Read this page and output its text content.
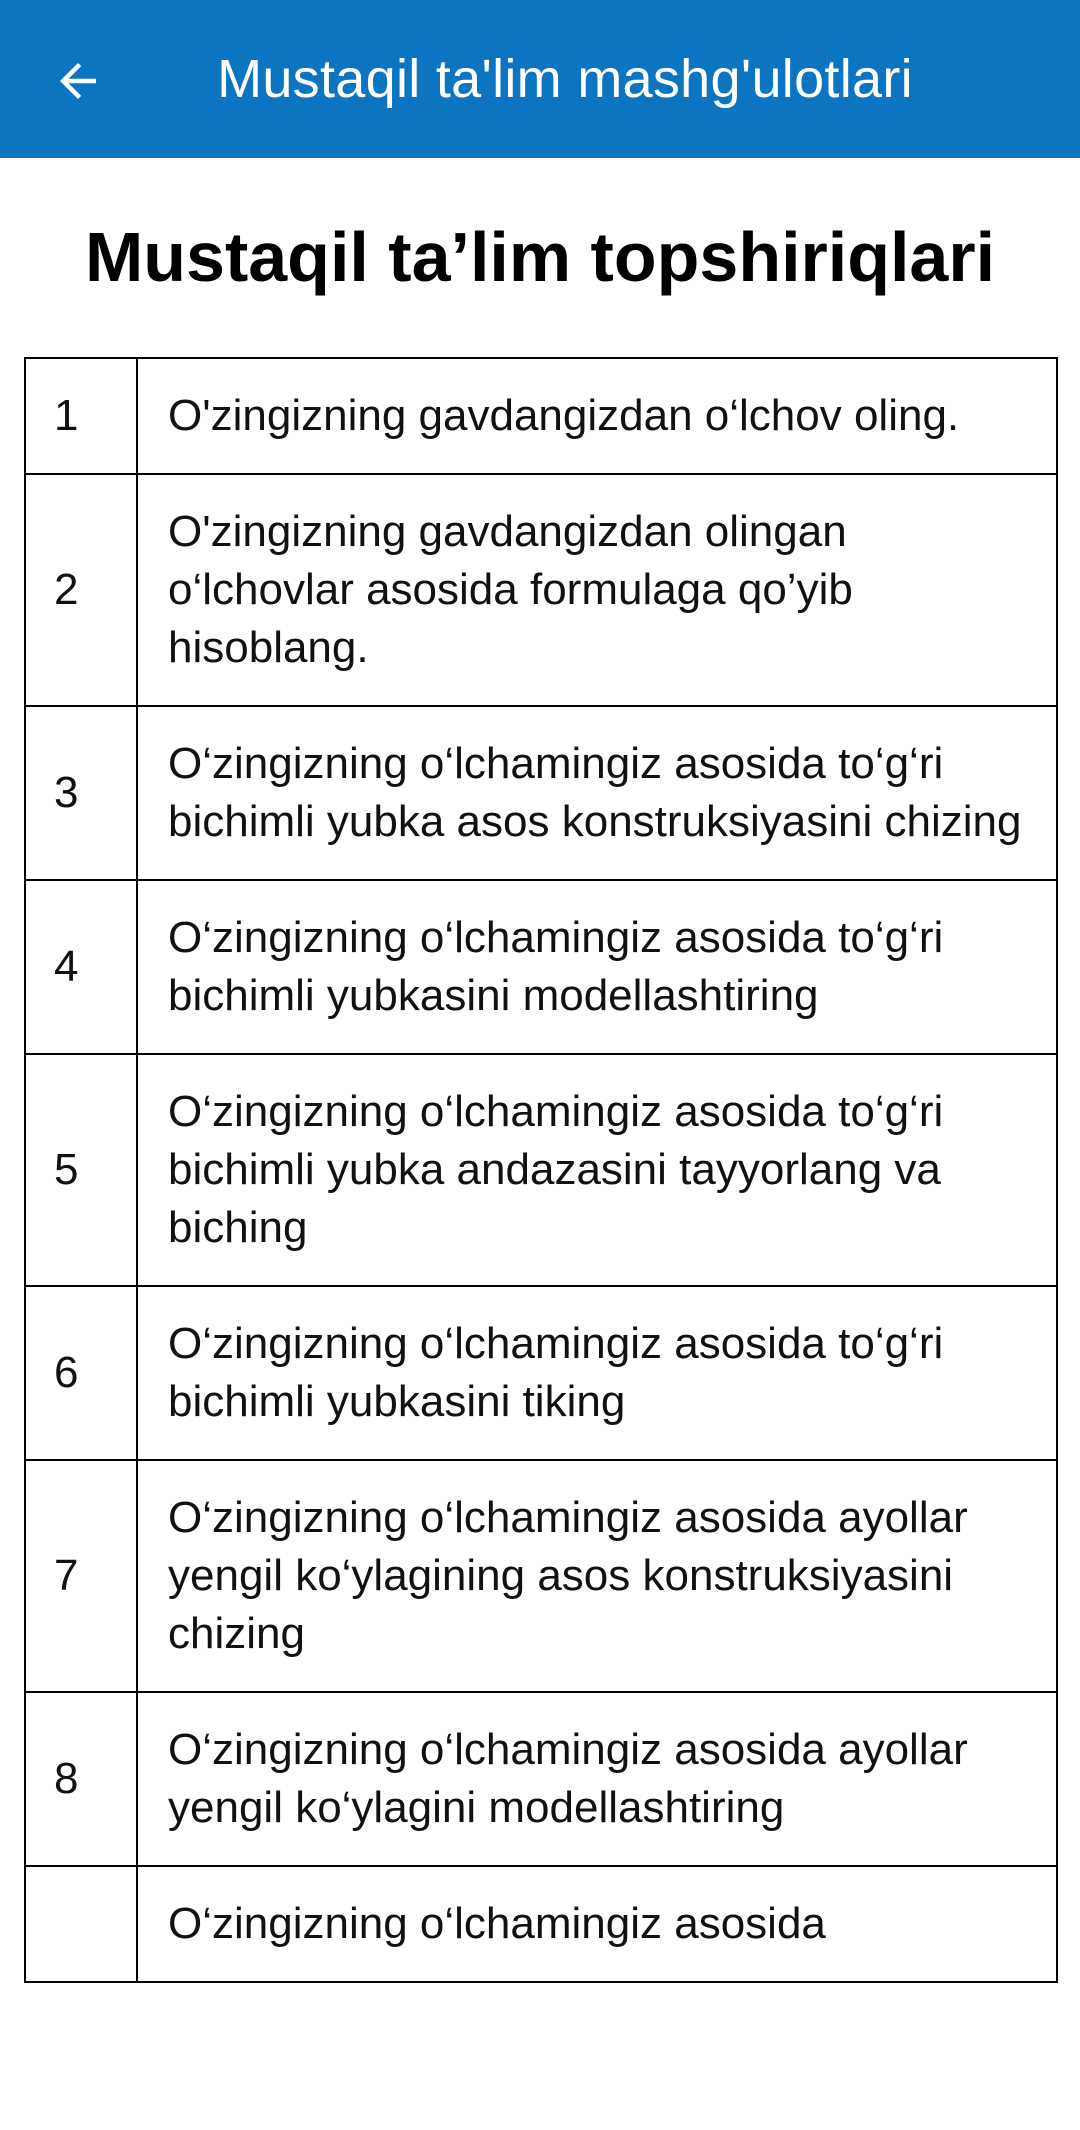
Mustaqil ta'lim mashg'ulotlari
Mustaqil ta’lim topshiriqlari
1	O'zingizning gavdangizdan o‘lchov oling.
2	O'zingizning gavdangizdan olingan o‘lchovlar asosida formulaga qo’yib hisoblang.
3	O‘zingizning o‘lchamingiz asosida to‘g‘ri bichimli yubka asos konstruksiyasini chizing
4	O‘zingizning o‘lchamingiz asosida to‘g‘ri bichimli yubkasini modellashtiring
5	O‘zingizning o‘lchamingiz asosida to‘g‘ri bichimli yubka andazasini tayyorlang va biching
6	O‘zingizning o‘lchamingiz asosida to‘g‘ri bichimli yubkasini tiking
7	O‘zingizning o‘lchamingiz asosida ayollar yengil ko‘ylagining asos konstruksiyasini chizing
8	O‘zingizning o‘lchamingiz asosida ayollar yengil ko‘ylagini modellashtiring
	O‘zingizning o‘lchamingiz asosida
